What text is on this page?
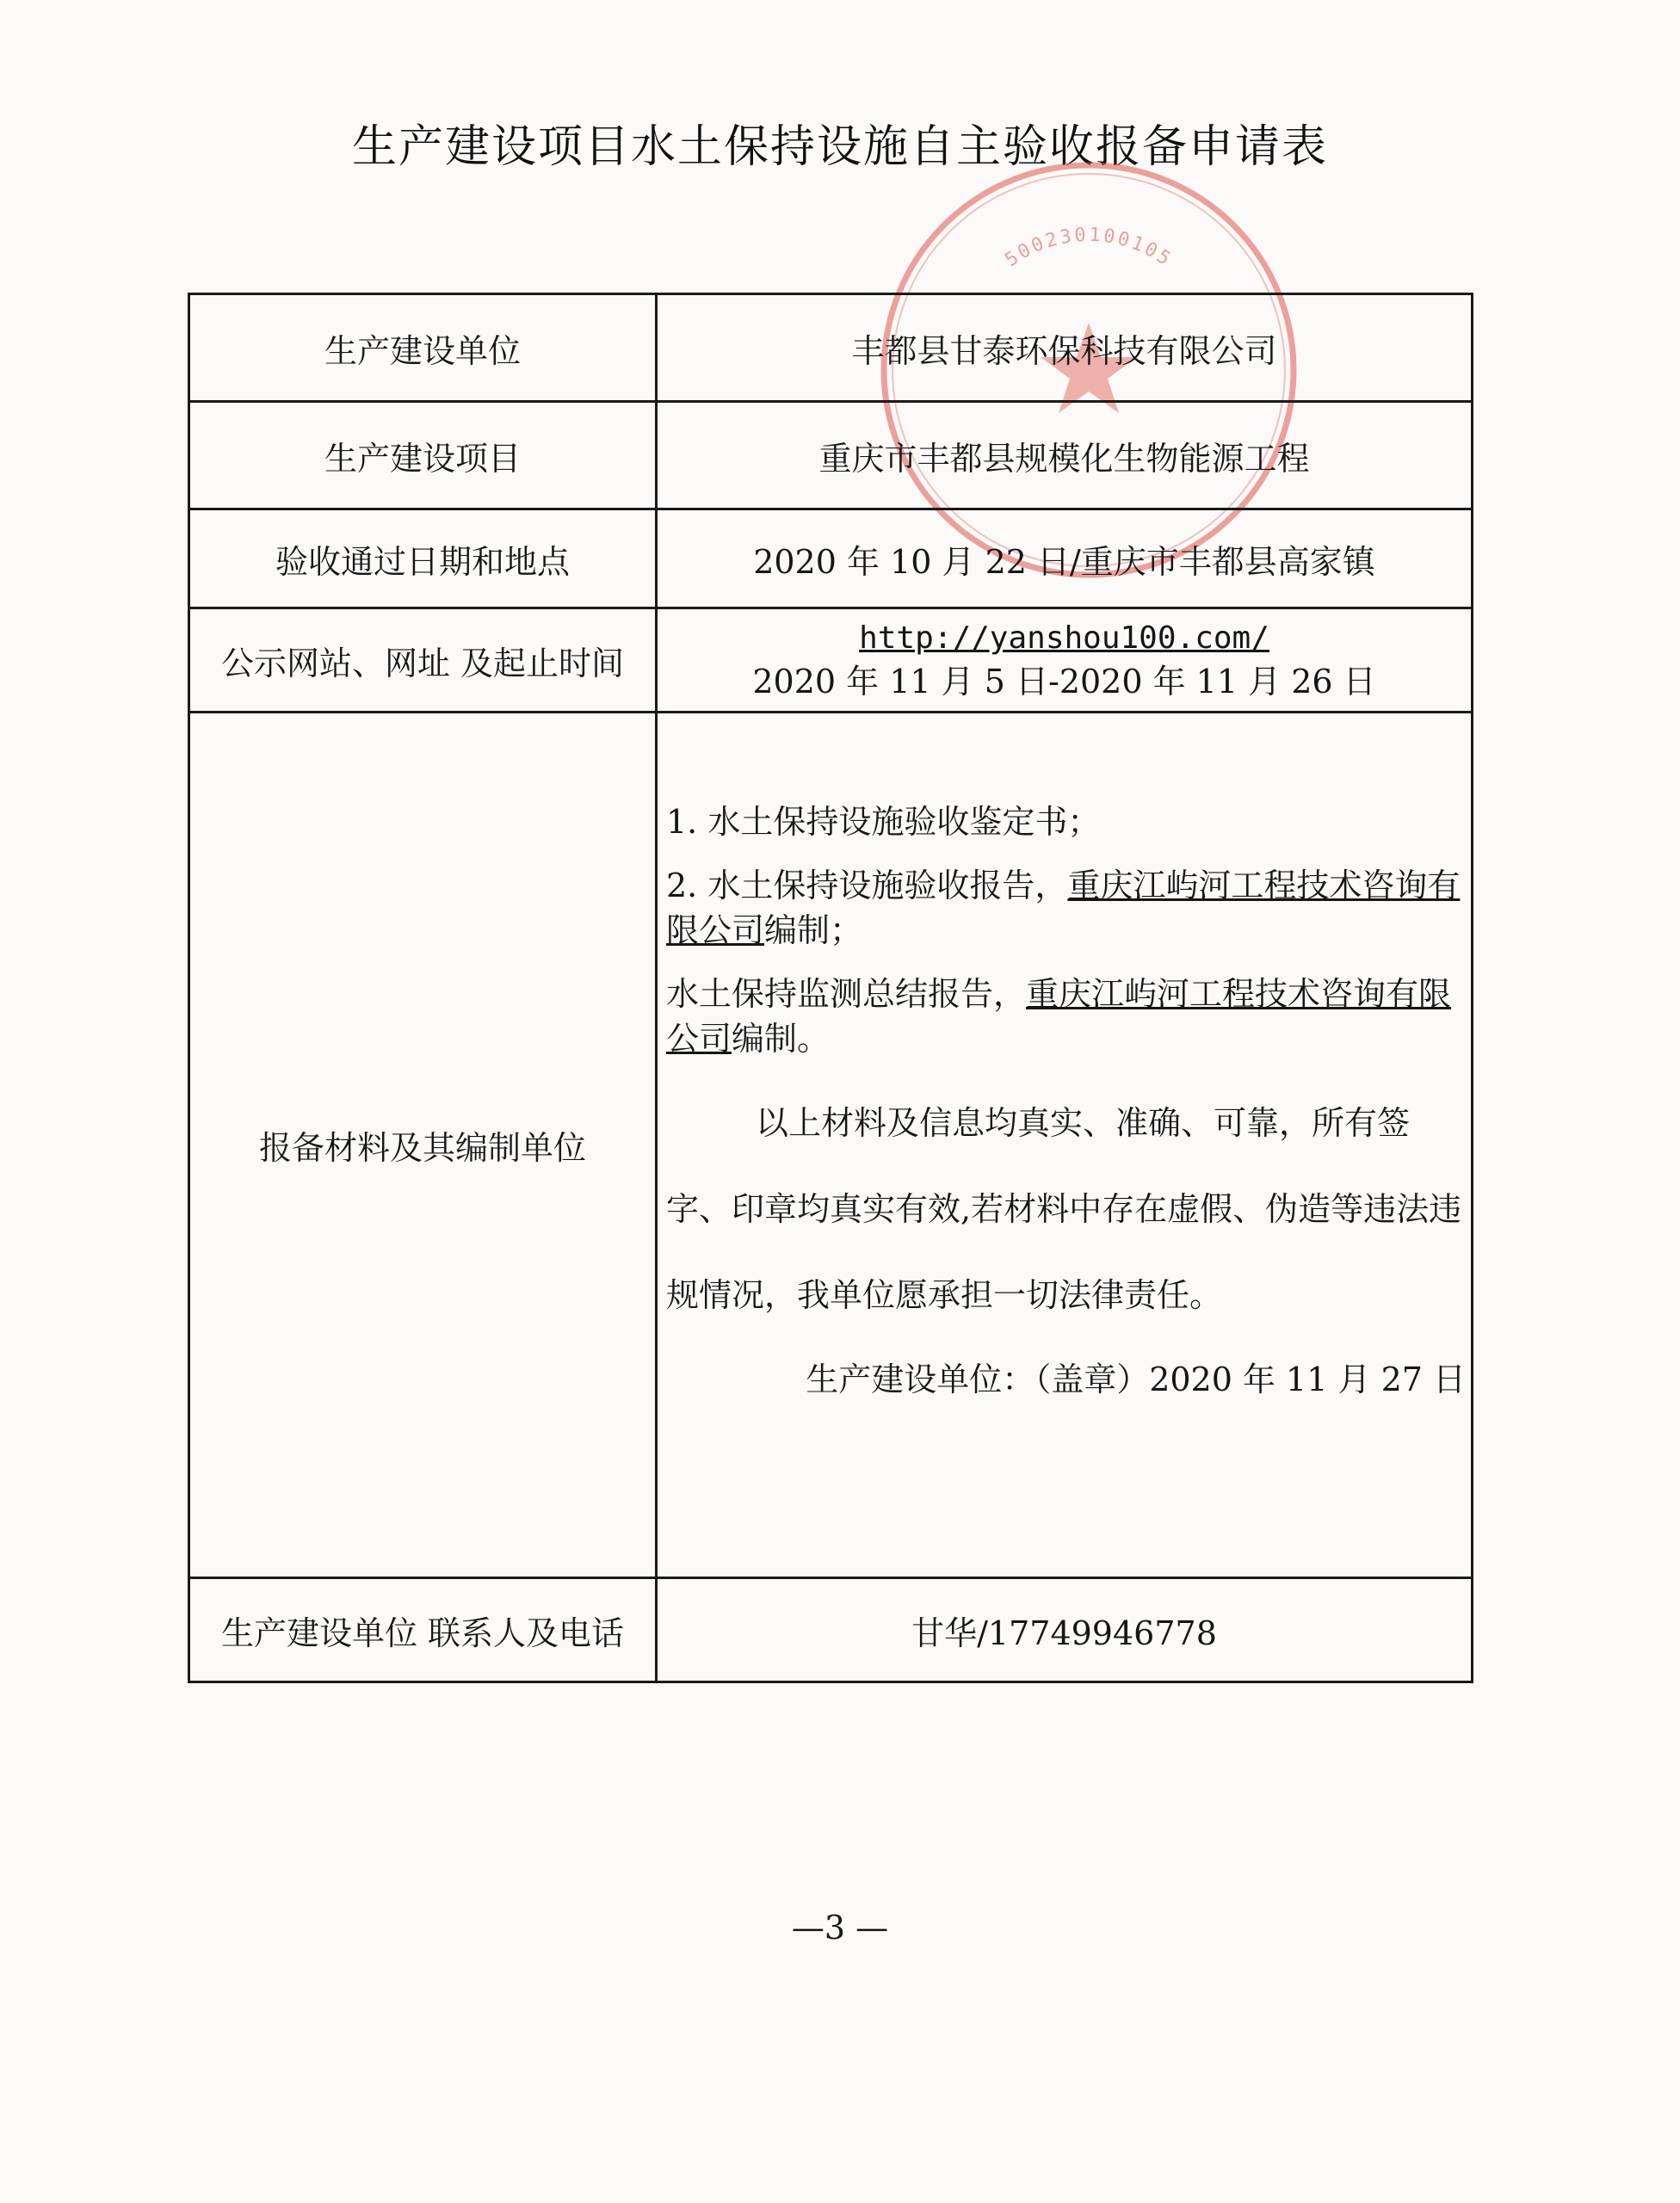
生产建设项目水土保持设施自主验收报备申请表
500230100105
生产建设单位	丰都县甘泰环保科技有限公司
生产建设项目	重庆市丰都县规模化生物能源工程
验收通过日期和地点	2020 年 10 月 22 日/重庆市丰都县高家镇
公示网站、网址 及起止时间	http://yanshou100.com/
2020 年 11 月 5 日-2020 年 11 月 26 日

报备材料及其编制单位	1. 水土保持设施验收鉴定书；

2. 水土保持设施验收报告，重庆江屿河工程技术咨询有限公司编制；

水土保持监测总结报告，重庆江屿河工程技术咨询有限公司编制。

以上材料及信息均真实、准确、可靠，所有签字、印章均真实有效,若材料中存在虚假、伪造等违法违规情况，我单位愿承担一切法律责任。

生产建设单位：（盖章）2020 年 11 月 27 日

生产建设单位 联系人及电话	甘华/17749946778
—3 —
